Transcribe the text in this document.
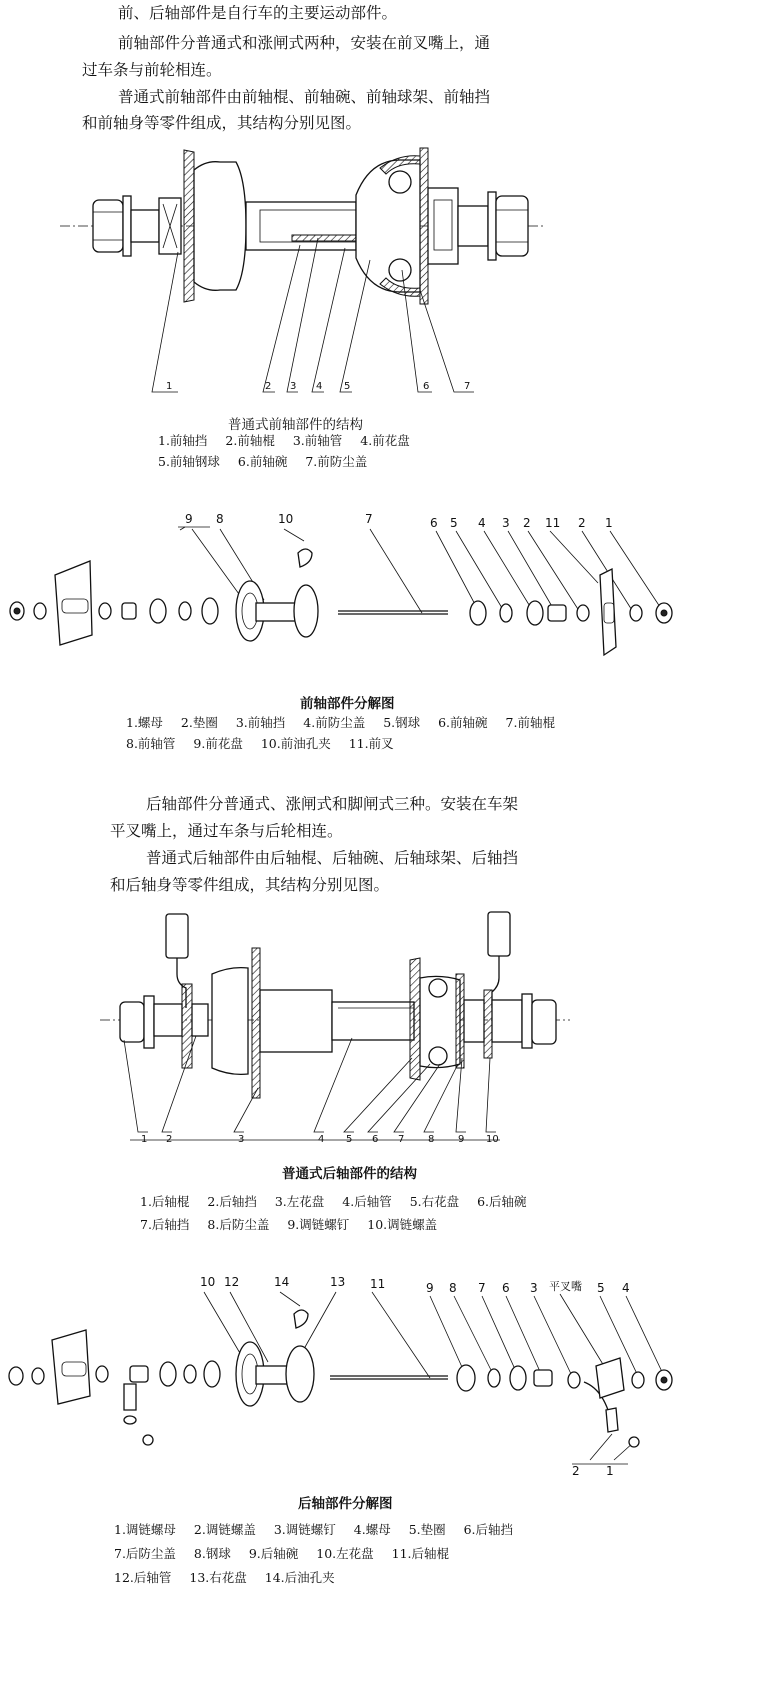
前、后轴部件是自行车的主要运动部件。
前轴部件分普通式和涨闸式两种，安装在前叉嘴上，通
过车条与前轮相连。
普通式前轴部件由前轴棍、前轴碗、前轴球架、前轴挡
和前轴身等零件组成，其结构分别见图。
1	2 3 4 5	6	7
普通式前轴部件的结构
1.前轴挡 2.前轴棍 3.前轴管 4.前花盘 5.前轴钢球 6.前轴碗 7.前防尘盖
9 8	10	7	6 5 4 3 2 11 2 1
前轴部件分解图
1.螺母 2.垫圈 3.前轴挡 4.前防尘盖 5.钢球 6.前轴碗 7.前轴棍 8.前轴管 9.前花盘 10.前油孔夹 11.前叉
后轴部件分普通式、涨闸式和脚闸式三种。安装在车架
平叉嘴上，通过车条与后轮相连。
普通式后轴部件由后轴棍、后轴碗、后轴球架、后轴挡
和后轴身等零件组成，其结构分别见图。
1 2	3	4 5 6 7 8 9 10
普通式后轴部件的结构
1.后轴棍 2.后轴挡 3.左花盘 4.后轴管 5.右花盘 6.后轴碗 7.后轴挡 8.后防尘盖 9.调链螺钉 10.调链螺盖
10 12	14	13 11	9 8 7 6 3 平叉嘴 5 4
2 1
后轴部件分解图
1.调链螺母 2.调链螺盖 3.调链螺钉 4.螺母 5.垫圈 6.后轴挡 7.后防尘盖 8.钢球 9.后轴碗 10.左花盘 11.后轴棍 12.后轴管 13.右花盘 14.后油孔夹
